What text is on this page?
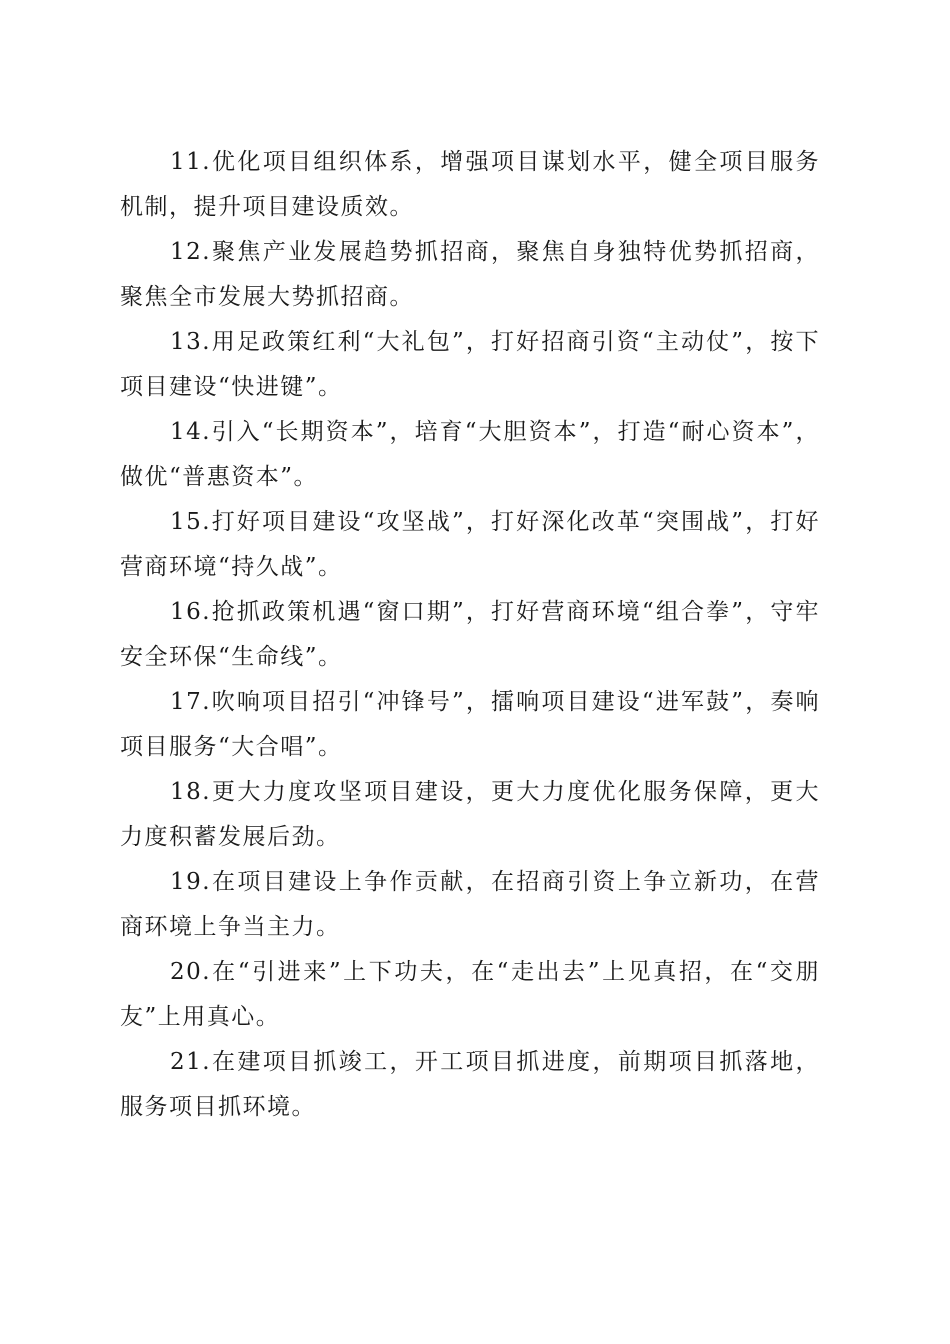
11.优化项目组织体系，增强项目谋划水平，健全项目服务机制，提升项目建设质效。

12.聚焦产业发展趋势抓招商，聚焦自身独特优势抓招商，聚焦全市发展大势抓招商。

13.用足政策红利“大礼包”，打好招商引资“主动仗”，按下项目建设“快进键”。

14.引入“长期资本”，培育“大胆资本”，打造“耐心资本”，做优“普惠资本”。

15.打好项目建设“攻坚战”，打好深化改革“突围战”，打好营商环境“持久战”。

16.抢抓政策机遇“窗口期”，打好营商环境“组合拳”，守牢安全环保“生命线”。

17.吹响项目招引“冲锋号”，擂响项目建设“进军鼓”，奏响项目服务“大合唱”。

18.更大力度攻坚项目建设，更大力度优化服务保障，更大力度积蓄发展后劲。

19.在项目建设上争作贡献，在招商引资上争立新功，在营商环境上争当主力。

20.在“引进来”上下功夫，在“走出去”上见真招，在“交朋友”上用真心。

21.在建项目抓竣工，开工项目抓进度，前期项目抓落地，服务项目抓环境。
